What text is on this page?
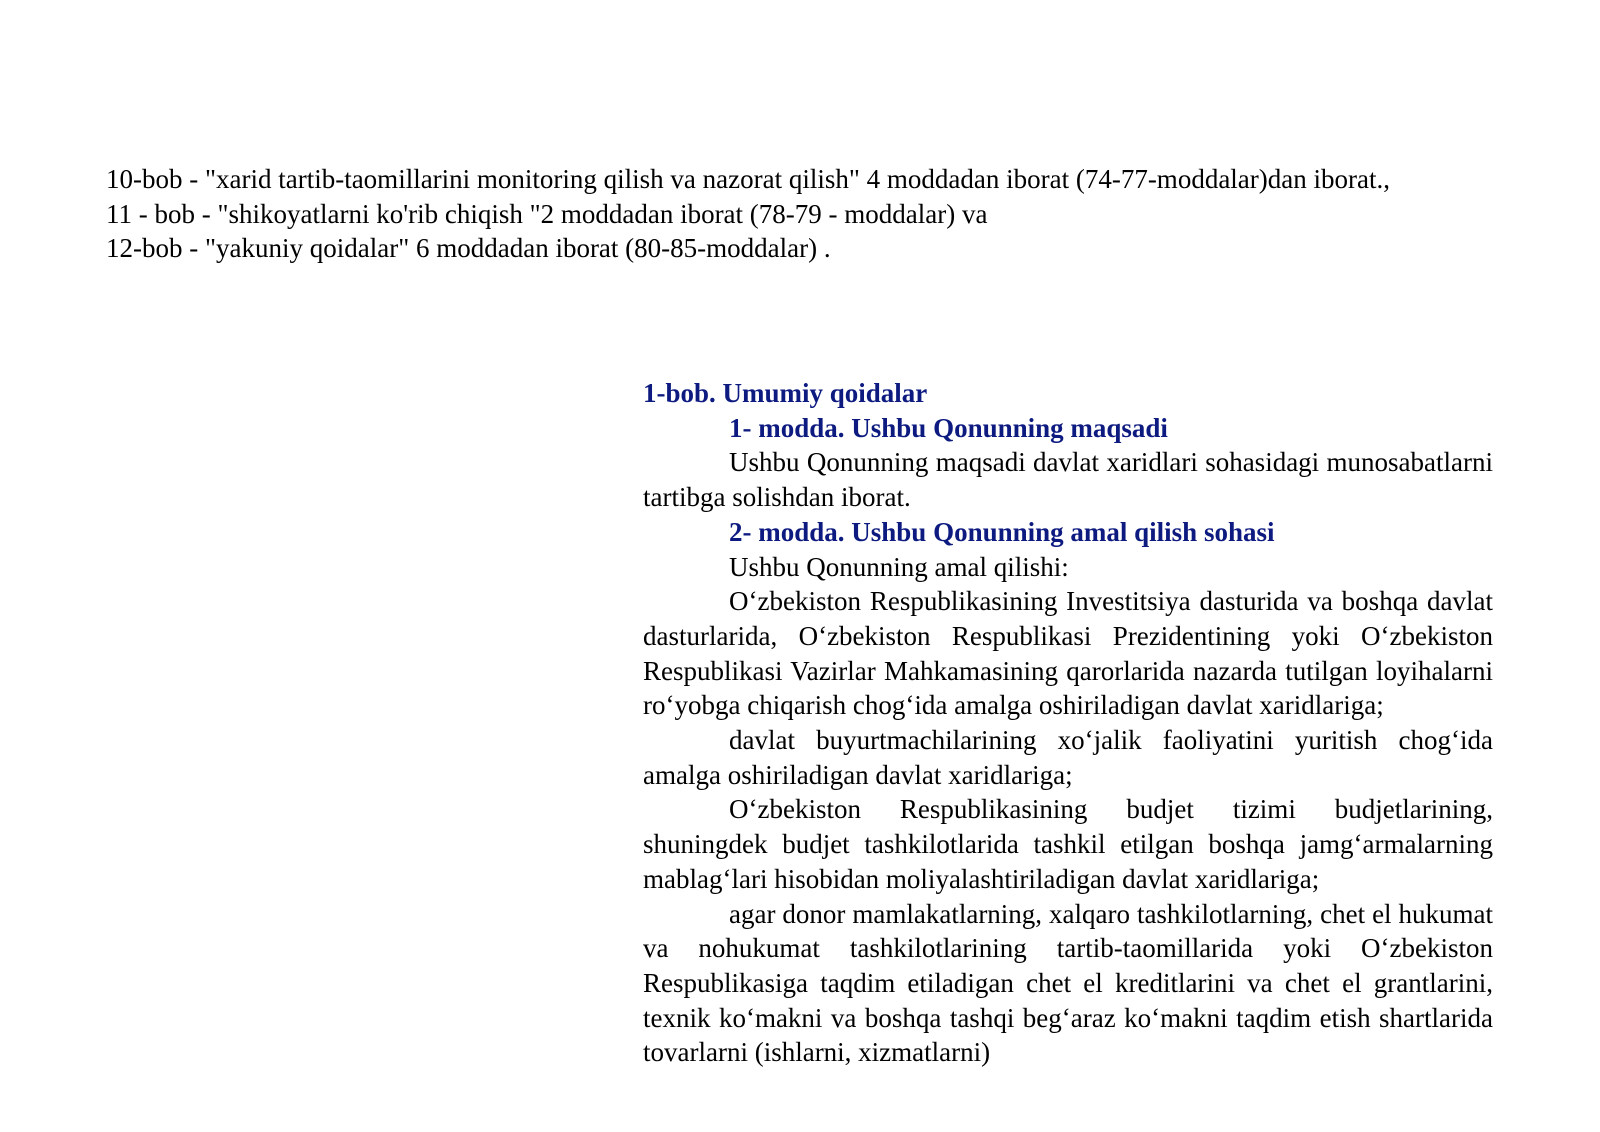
10-bob - "xarid tartib-taomillarini monitoring qilish va nazorat qilish" 4 moddadan iborat (74-77-moddalar)dan iborat.,

11 - bob - "shikoyatlarni ko'rib chiqish "2 moddadan iborat (78-79 - moddalar) va

12-bob - "yakuniy qoidalar" 6 moddadan iborat (80-85-moddalar) .

1-bob. Umumiy qoidalar

1- modda. Ushbu Qonunning maqsadi

Ushbu Qonunning maqsadi davlat xaridlari sohasidagi munosabatlarni tartibga solishdan iborat.

2- modda. Ushbu Qonunning amal qilish sohasi

Ushbu Qonunning amal qilishi:

O‘zbekiston Respublikasining Investitsiya dasturida va boshqa davlat dasturlarida, O‘zbekiston Respublikasi Prezidentining yoki O‘zbekiston Respublikasi Vazirlar Mahkamasining qarorlarida nazarda tutilgan loyihalarni ro‘yobga chiqarish chog‘ida amalga oshiriladigan davlat xaridlariga;

davlat buyurtmachilarining xo‘jalik faoliyatini yuritish chog‘ida amalga oshiriladigan davlat xaridlariga;

O‘zbekiston Respublikasining budjet tizimi budjetlarining, shuningdek budjet tashkilotlarida tashkil etilgan boshqa jamg‘armalarning mablag‘lari hisobidan moliyalashtiriladigan davlat xaridlariga;

agar donor mamlakatlarning, xalqaro tashkilotlarning, chet el hukumat va nohukumat tashkilotlarining tartib-taomillarida yoki O‘zbekiston Respublikasiga taqdim etiladigan chet el kreditlarini va chet el grantlarini, texnik ko‘makni va boshqa tashqi beg‘araz ko‘makni taqdim etish shartlarida tovarlarni (ishlarni, xizmatlarni)
